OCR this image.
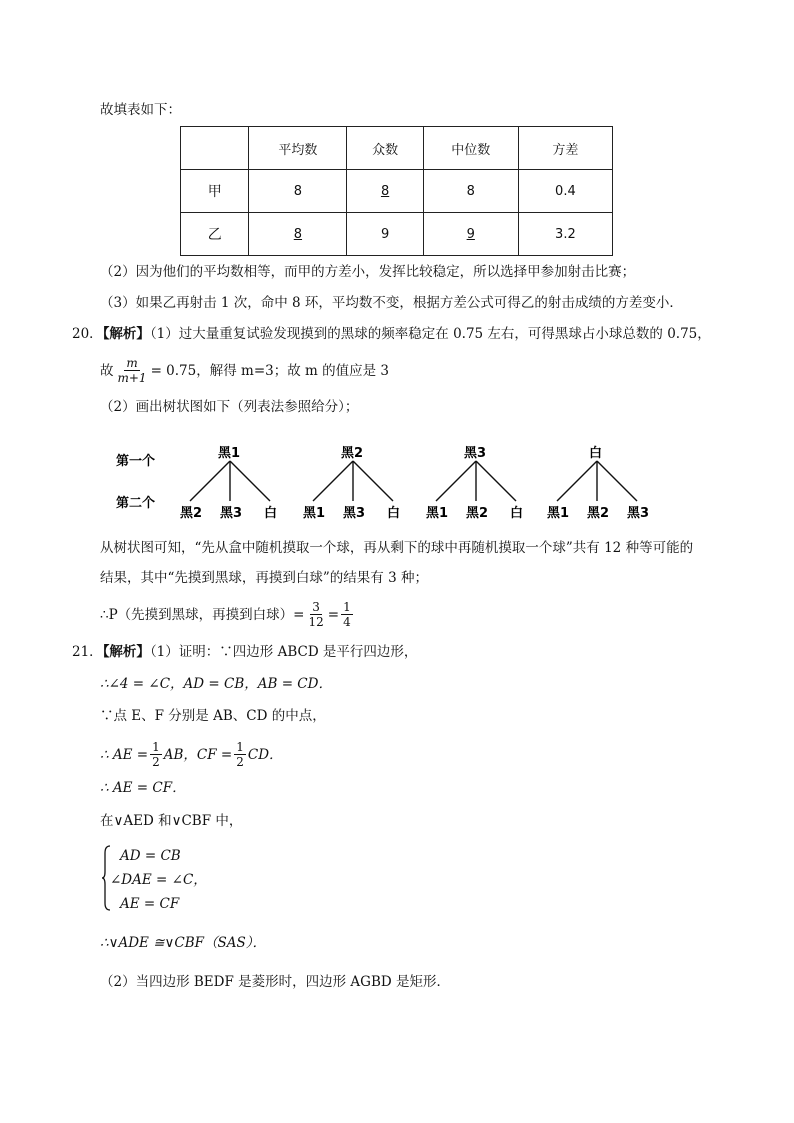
故填表如下：
	平均数	众数	中位数	方差
甲	8	8	8	0.4
乙	8	9	9	3.2
（2）因为他们的平均数相等，而甲的方差小，发挥比较稳定，所以选择甲参加射击比赛；
（3）如果乙再射击 1 次，命中 8 环，平均数不变，根据方差公式可得乙的射击成绩的方差变小．
20．【解析】（1）过大量重复试验发现摸到的黑球的频率稳定在 0.75 左右，可得黑球占小球总数的 0.75，
故 $\frac{m}{m+1} = 0.75$ ，解得 m=3；故 m 的值应是 3
（2）画出树状图如下（列表法参照给分）；
第一个
第二个
黑1	黑2	黑3	白
黑2 黑3 白 黑1 黑3 白 黑1 黑2 白 黑1 黑2 黑3
从树状图可知，“先从盒中随机摸取一个球，再从剩下的球中再随机摸取一个球”共有 12 种等可能的
结果，其中“先摸到黑球，再摸到白球”的结果有 3 种；
∴P（先摸到黑球，再摸到白球）= $\frac{3}{12} = \frac{1}{4}$
21．【解析】（1）证明：∵四边形 ABCD 是平行四边形，
∴∠4 = ∠C，AD = CB，AB = CD．
∵点 E、F 分别是 AB、CD 的中点，
∴ AE = $\frac{1}{2}$ AB，CF = $\frac{1}{2}$ CD．
∴ AE = CF．
在∨AED 和∨CBF 中，
AD = CB
∠DAE = ∠C，
AE = CF
∴∨ADE ≅∨CBF（SAS）．
（2）当四边形 BEDF 是菱形时，四边形 AGBD 是矩形．
